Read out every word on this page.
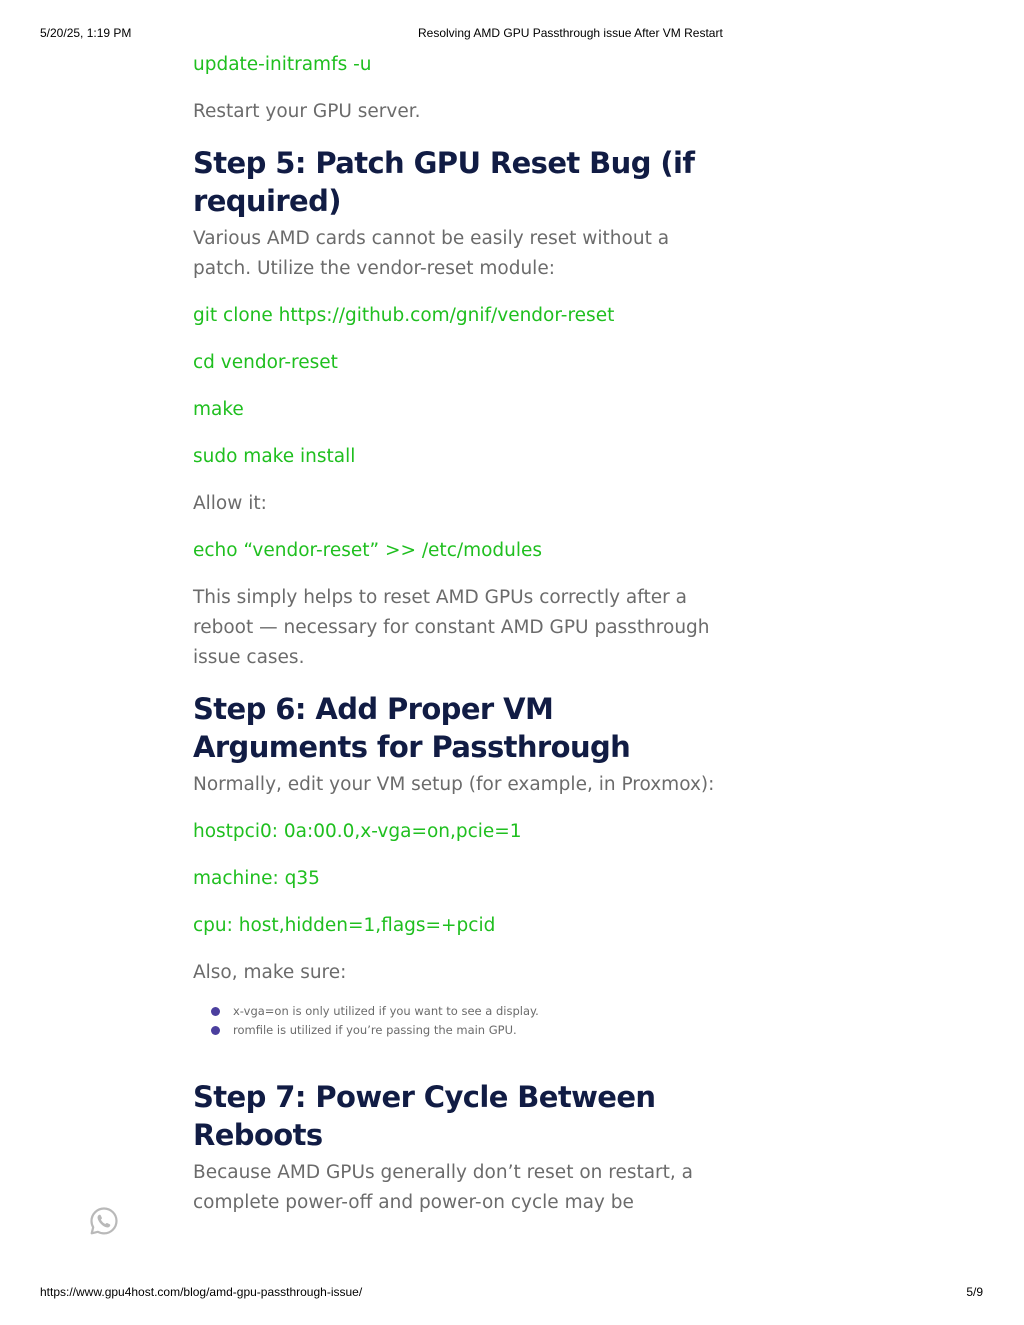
5/20/25, 1:19 PM	Resolving AMD GPU Passthrough issue After VM Restart
update-initramfs -u
Restart your GPU server.
Step 5: Patch GPU Reset Bug (if required)
Various AMD cards cannot be easily reset without a patch. Utilize the vendor-reset module:
git clone https://github.com/gnif/vendor-reset
cd vendor-reset
make
sudo make install
Allow it:
echo “vendor-reset” >> /etc/modules
This simply helps to reset AMD GPUs correctly after a reboot — necessary for constant AMD GPU passthrough issue cases.
Step 6: Add Proper VM Arguments for Passthrough
Normally, edit your VM setup (for example, in Proxmox):
hostpci0: 0a:00.0,x-vga=on,pcie=1
machine: q35
cpu: host,hidden=1,flags=+pcid
Also, make sure:
x-vga=on is only utilized if you want to see a display.
romfile is utilized if you’re passing the main GPU.
Step 7: Power Cycle Between Reboots
Because AMD GPUs generally don’t reset on restart, a complete power-off and power-on cycle may be
https://www.gpu4host.com/blog/amd-gpu-passthrough-issue/	5/9
